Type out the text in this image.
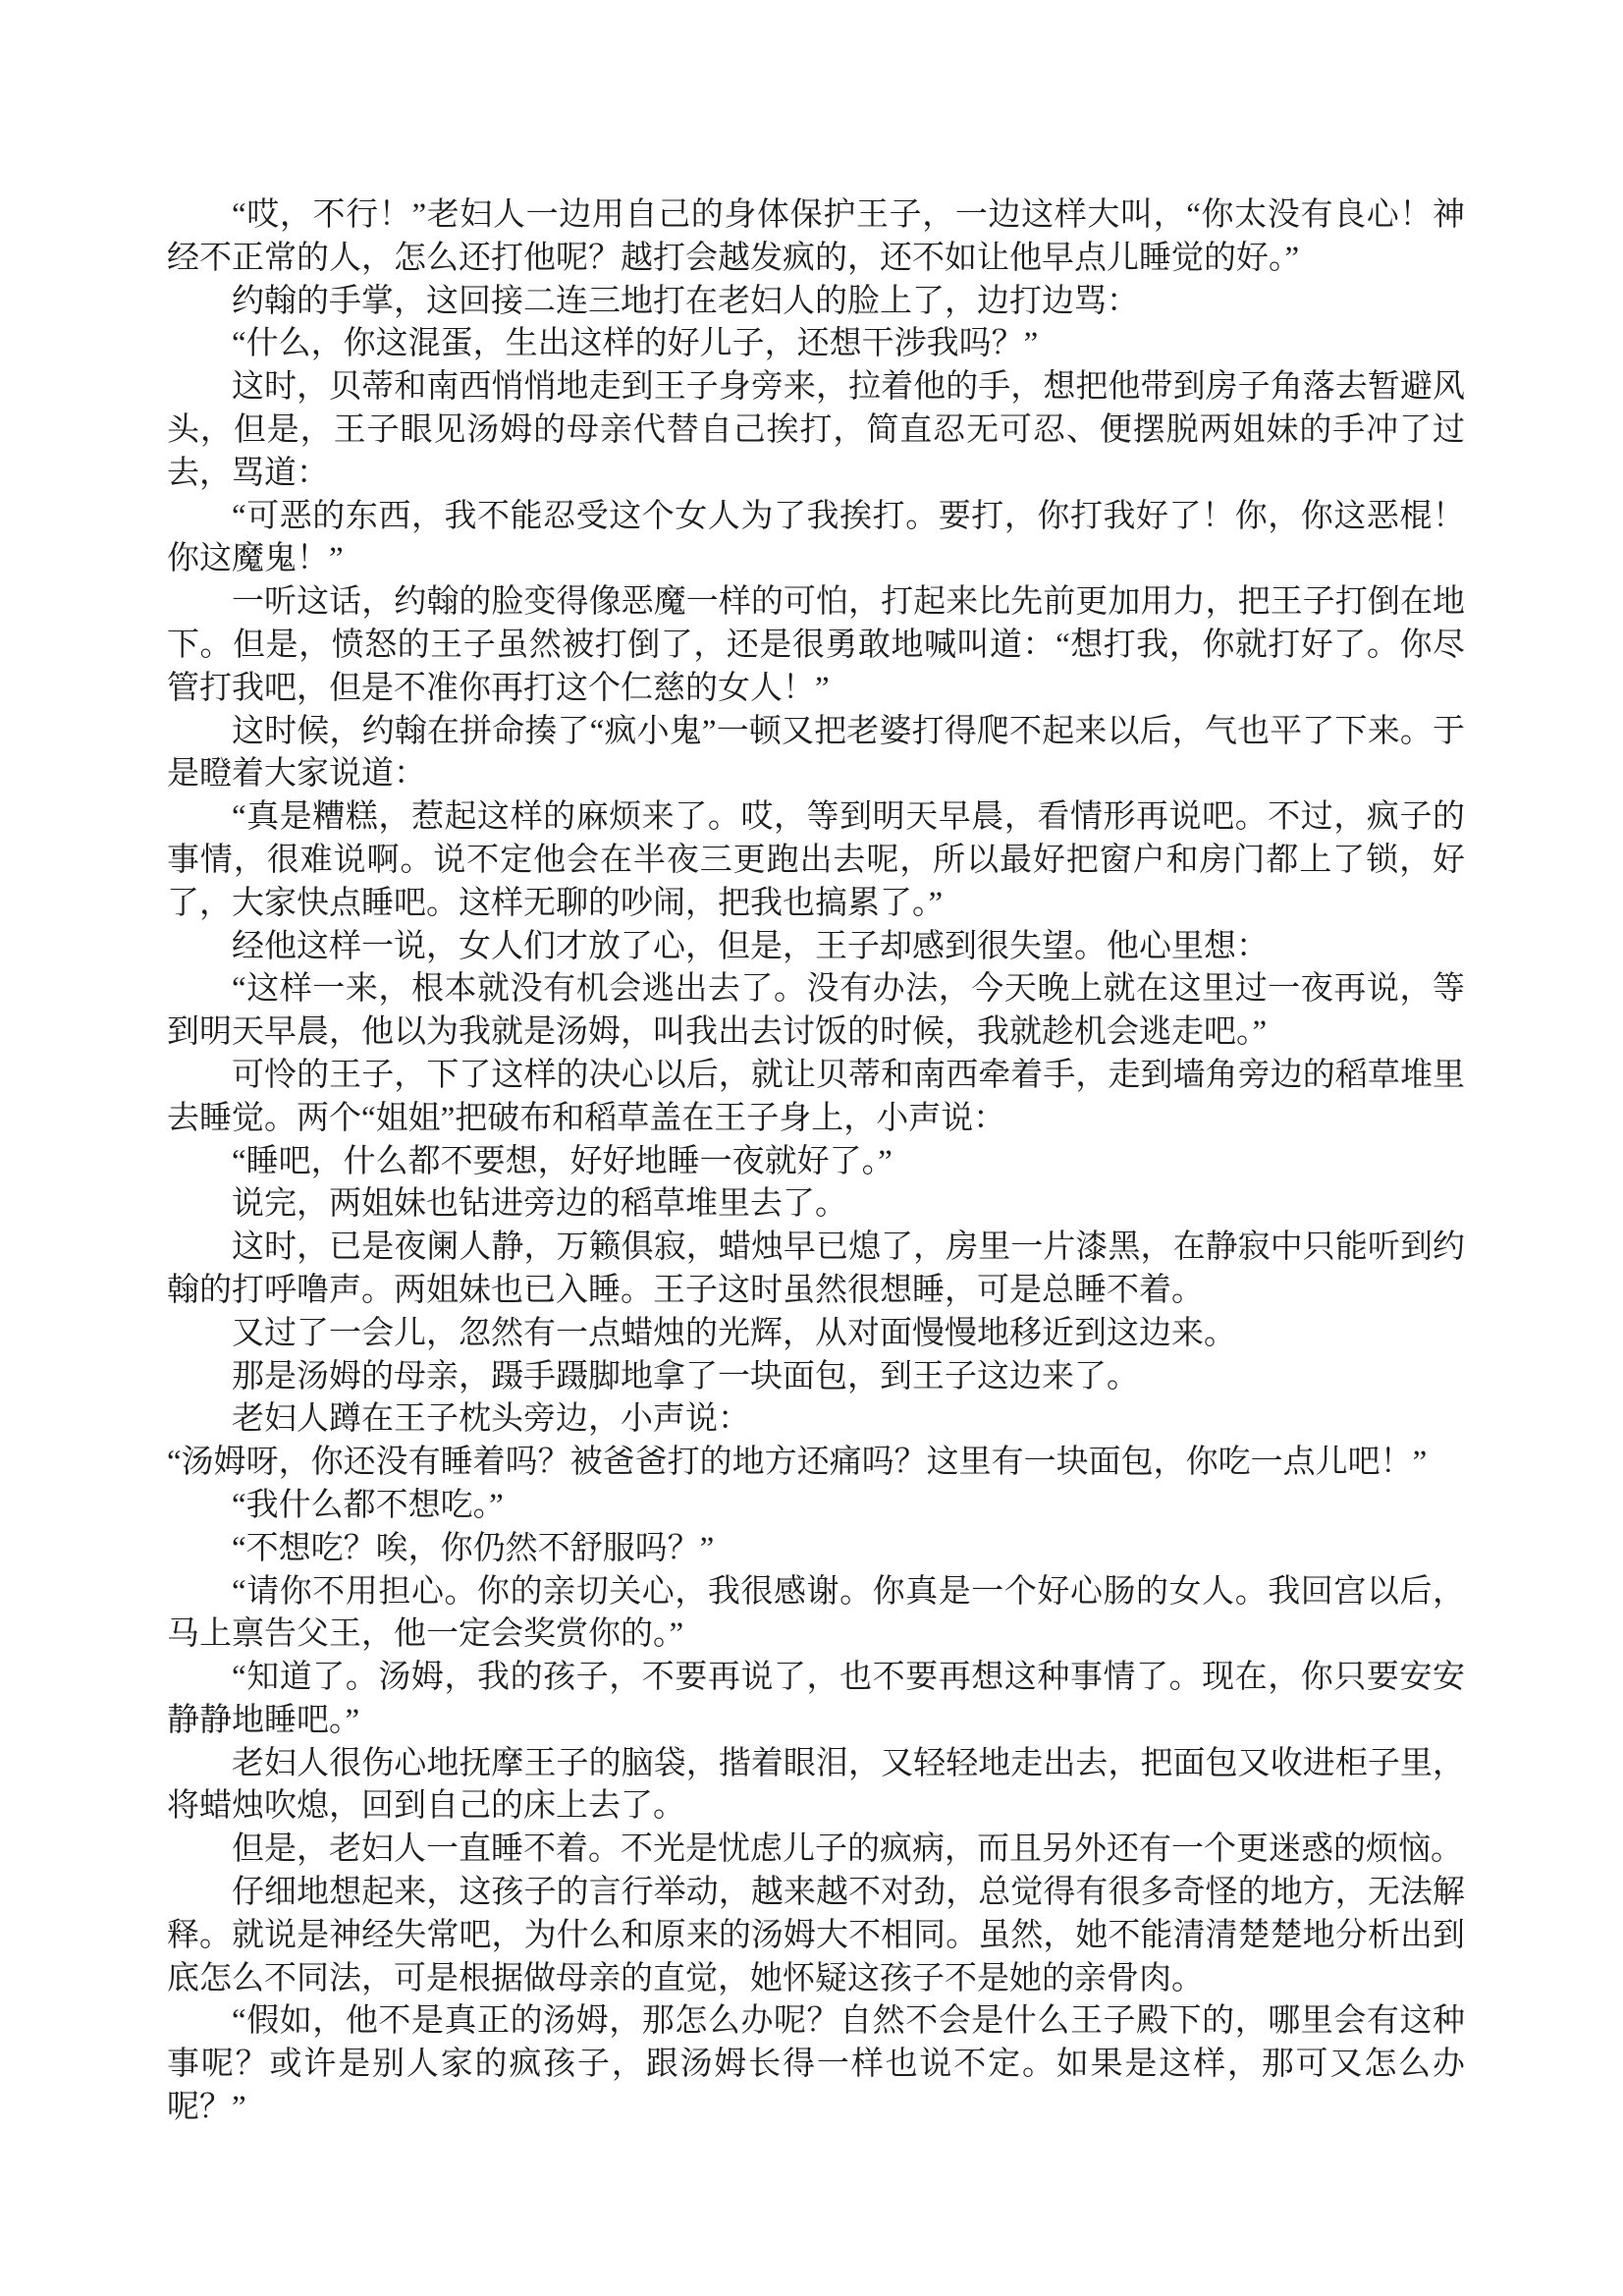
“哎，不行！”老妇人一边用自己的身体保护王子，一边这样大叫，“你太没有良心！神经不正常的人，怎么还打他呢？越打会越发疯的，还不如让他早点儿睡觉的好。”

约翰的手掌，这回接二连三地打在老妇人的脸上了，边打边骂：

“什么，你这混蛋，生出这样的好儿子，还想干涉我吗？”

这时，贝蒂和南西悄悄地走到王子身旁来，拉着他的手，想把他带到房子角落去暂避风头，但是，王子眼见汤姆的母亲代替自己挨打，简直忍无可忍、便摆脱两姐妹的手冲了过去，骂道：

“可恶的东西，我不能忍受这个女人为了我挨打。要打，你打我好了！你，你这恶棍！你这魔鬼！”

一听这话，约翰的脸变得像恶魔一样的可怕，打起来比先前更加用力，把王子打倒在地下。但是，愤怒的王子虽然被打倒了，还是很勇敢地喊叫道：“想打我，你就打好了。你尽管打我吧，但是不准你再打这个仁慈的女人！”

这时候，约翰在拼命揍了“疯小鬼”一顿又把老婆打得爬不起来以后，气也平了下来。于是瞪着大家说道：

“真是糟糕，惹起这样的麻烦来了。哎，等到明天早晨，看情形再说吧。不过，疯子的事情，很难说啊。说不定他会在半夜三更跑出去呢，所以最好把窗户和房门都上了锁，好了，大家快点睡吧。这样无聊的吵闹，把我也搞累了。”

经他这样一说，女人们才放了心，但是，王子却感到很失望。他心里想：

“这样一来，根本就没有机会逃出去了。没有办法，今天晚上就在这里过一夜再说，等到明天早晨，他以为我就是汤姆，叫我出去讨饭的时候，我就趁机会逃走吧。”

可怜的王子，下了这样的决心以后，就让贝蒂和南西牵着手，走到墙角旁边的稻草堆里去睡觉。两个“姐姐”把破布和稻草盖在王子身上，小声说：

“睡吧，什么都不要想，好好地睡一夜就好了。”

说完，两姐妹也钻进旁边的稻草堆里去了。

这时，已是夜阑人静，万籁俱寂，蜡烛早已熄了，房里一片漆黑，在静寂中只能听到约翰的打呼噜声。两姐妹也已入睡。王子这时虽然很想睡，可是总睡不着。

又过了一会儿，忽然有一点蜡烛的光辉，从对面慢慢地移近到这边来。

那是汤姆的母亲，蹑手蹑脚地拿了一块面包，到王子这边来了。

老妇人蹲在王子枕头旁边，小声说：

“汤姆呀，你还没有睡着吗？被爸爸打的地方还痛吗？这里有一块面包，你吃一点儿吧！”

“我什么都不想吃。”

“不想吃？唉，你仍然不舒服吗？”

“请你不用担心。你的亲切关心，我很感谢。你真是一个好心肠的女人。我回宫以后，马上禀告父王，他一定会奖赏你的。”

“知道了。汤姆，我的孩子，不要再说了，也不要再想这种事情了。现在，你只要安安静静地睡吧。”

老妇人很伤心地抚摩王子的脑袋，揩着眼泪，又轻轻地走出去，把面包又收进柜子里，将蜡烛吹熄，回到自己的床上去了。

但是，老妇人一直睡不着。不光是忧虑儿子的疯病，而且另外还有一个更迷惑的烦恼。

仔细地想起来，这孩子的言行举动，越来越不对劲，总觉得有很多奇怪的地方，无法解释。就说是神经失常吧，为什么和原来的汤姆大不相同。虽然，她不能清清楚楚地分析出到底怎么不同法，可是根据做母亲的直觉，她怀疑这孩子不是她的亲骨肉。

“假如，他不是真正的汤姆，那怎么办呢？自然不会是什么王子殿下的，哪里会有这种事呢？或许是别人家的疯孩子，跟汤姆长得一样也说不定。如果是这样，那可又怎么办呢？”
